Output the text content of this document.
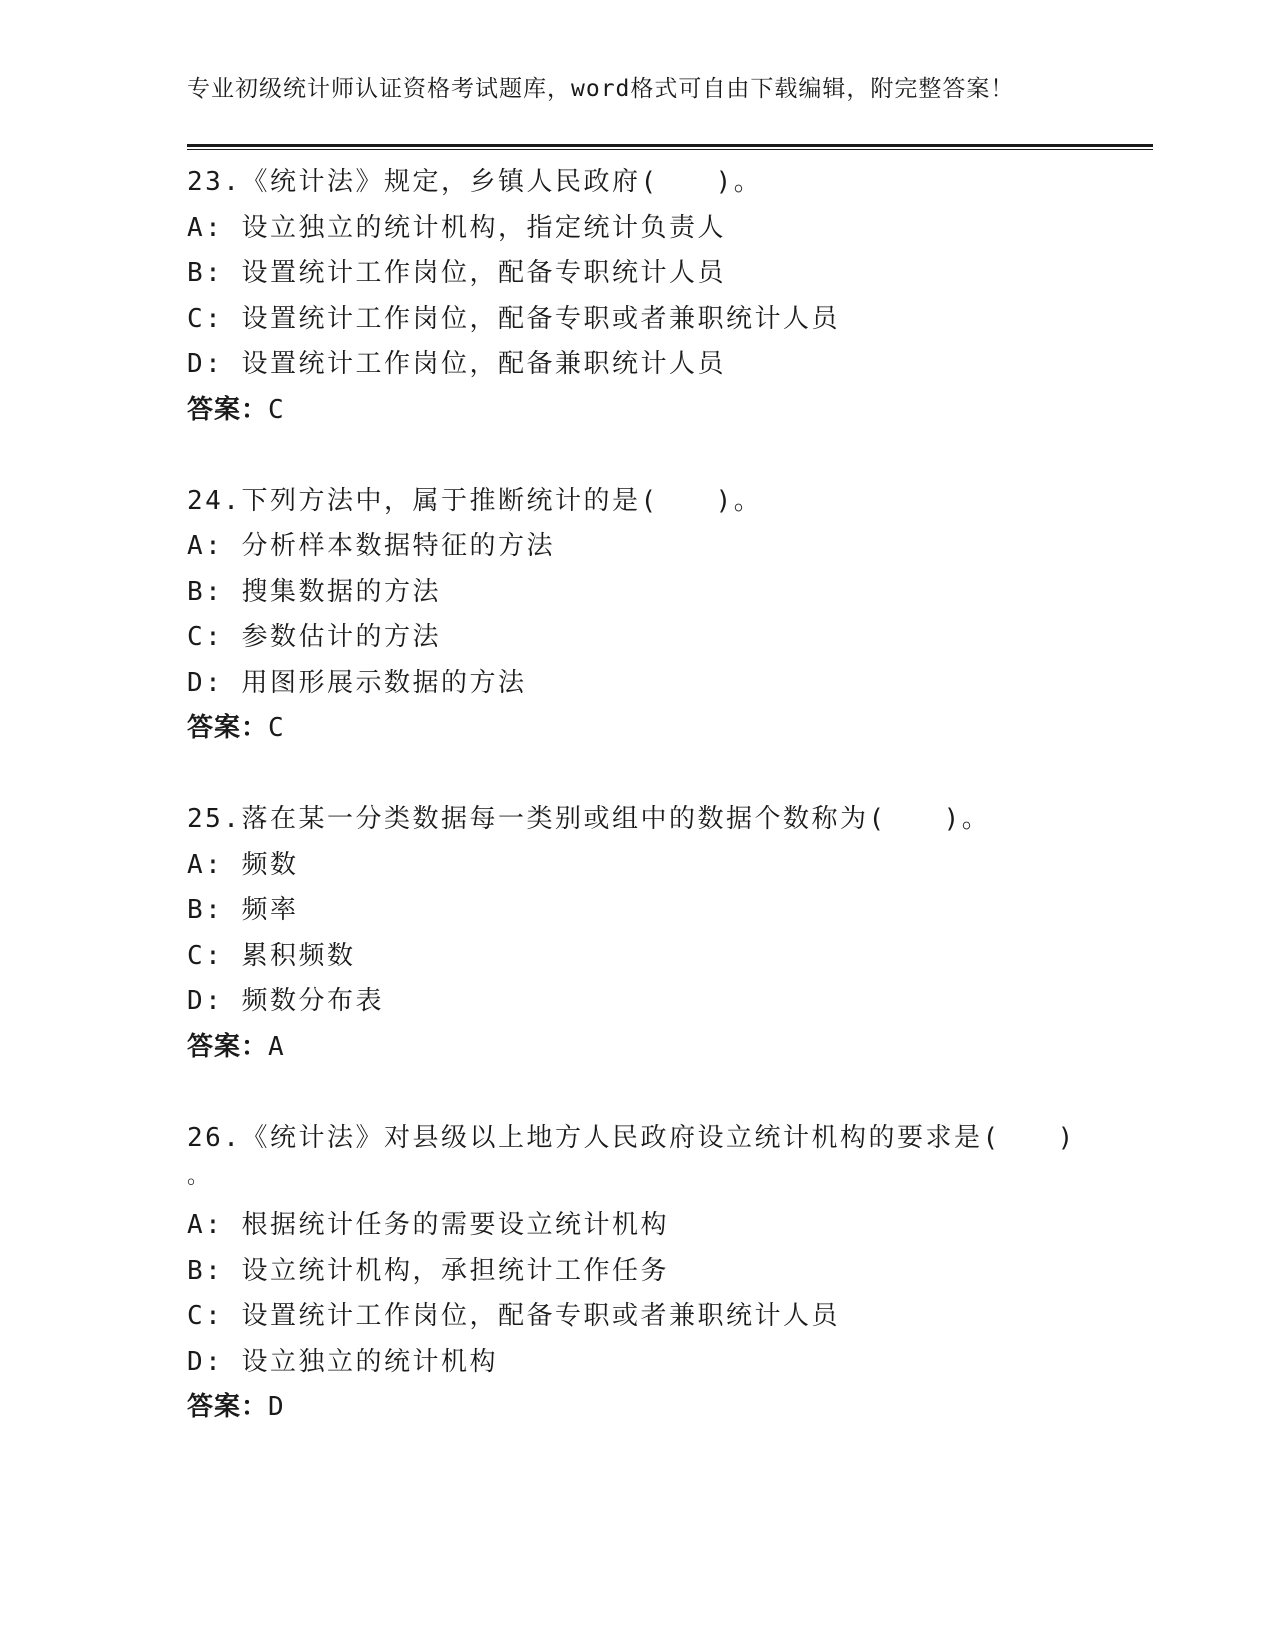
专业初级统计师认证资格考试题库，word格式可自由下载编辑，附完整答案！
23.《统计法》规定，乡镇人民政府(　　)。
A: 设立独立的统计机构，指定统计负责人
B: 设置统计工作岗位，配备专职统计人员
C: 设置统计工作岗位，配备专职或者兼职统计人员
D: 设置统计工作岗位，配备兼职统计人员
答案：C
24.下列方法中，属于推断统计的是(　　)。
A: 分析样本数据特征的方法
B: 搜集数据的方法
C: 参数估计的方法
D: 用图形展示数据的方法
答案：C
25.落在某一分类数据每一类别或组中的数据个数称为(　　)。
A: 频数
B: 频率
C: 累积频数
D: 频数分布表
答案：A
26.《统计法》对县级以上地方人民政府设立统计机构的要求是(　　)
。
A: 根据统计任务的需要设立统计机构
B: 设立统计机构，承担统计工作任务
C: 设置统计工作岗位，配备专职或者兼职统计人员
D: 设立独立的统计机构
答案：D
